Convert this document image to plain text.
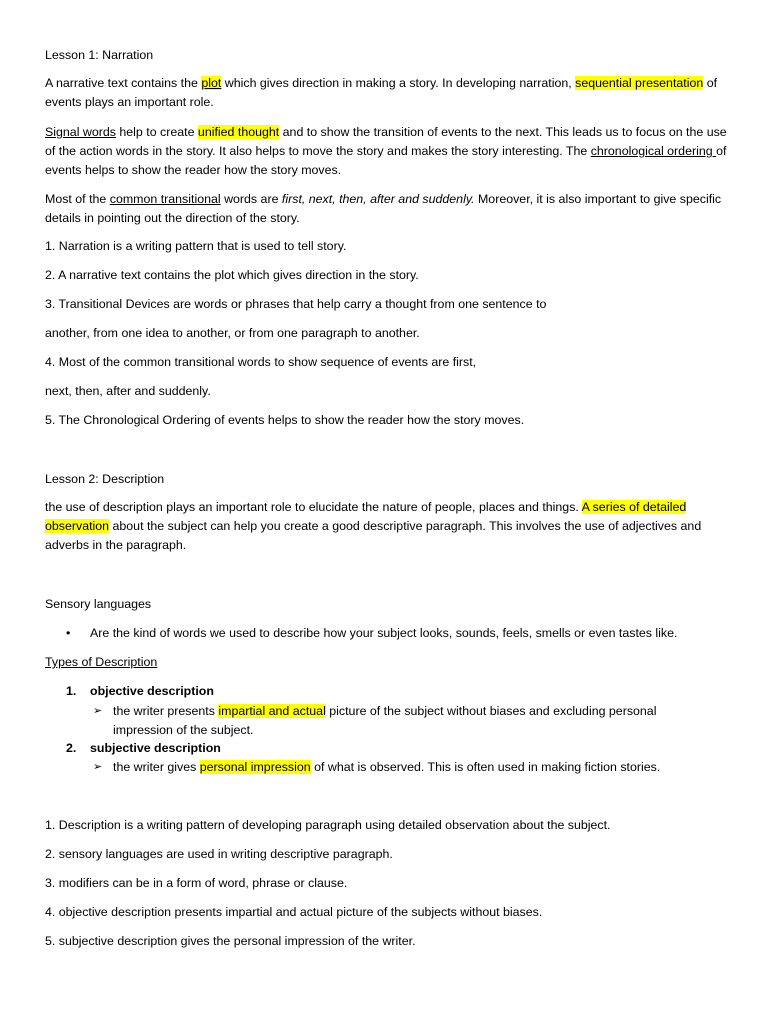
Lesson 1: Narration

A narrative text contains the plot which gives direction in making a story. In developing narration, sequential presentation of events plays an important role.

Signal words help to create unified thought and to show the transition of events to the next. This leads us to focus on the use of the action words in the story. It also helps to move the story and makes the story interesting. The chronological ordering of events helps to show the reader how the story moves.

Most of the common transitional words are first, next, then, after and suddenly. Moreover, it is also important to give specific details in pointing out the direction of the story.

1. Narration is a writing pattern that is used to tell story.

2. A narrative text contains the plot which gives direction in the story.

3. Transitional Devices are words or phrases that help carry a thought from one sentence to

another, from one idea to another, or from one paragraph to another.

4. Most of the common transitional words to show sequence of events are first,

next, then, after and suddenly.

5. The Chronological Ordering of events helps to show the reader how the story moves.

Lesson 2: Description

the use of description plays an important role to elucidate the nature of people, places and things. A series of detailed observation about the subject can help you create a good descriptive paragraph. This involves the use of adjectives and adverbs in the paragraph.

Sensory languages

• Are the kind of words we used to describe how your subject looks, sounds, feels, smells or even tastes like.

Types of Description

1. objective description

➢ the writer presents impartial and actual picture of the subject without biases and excluding personal impression of the subject.

2. subjective description

➢ the writer gives personal impression of what is observed. This is often used in making fiction stories.

1. Description is a writing pattern of developing paragraph using detailed observation about the subject.

2. sensory languages are used in writing descriptive paragraph.

3. modifiers can be in a form of word, phrase or clause.

4. objective description presents impartial and actual picture of the subjects without biases.

5. subjective description gives the personal impression of the writer.
